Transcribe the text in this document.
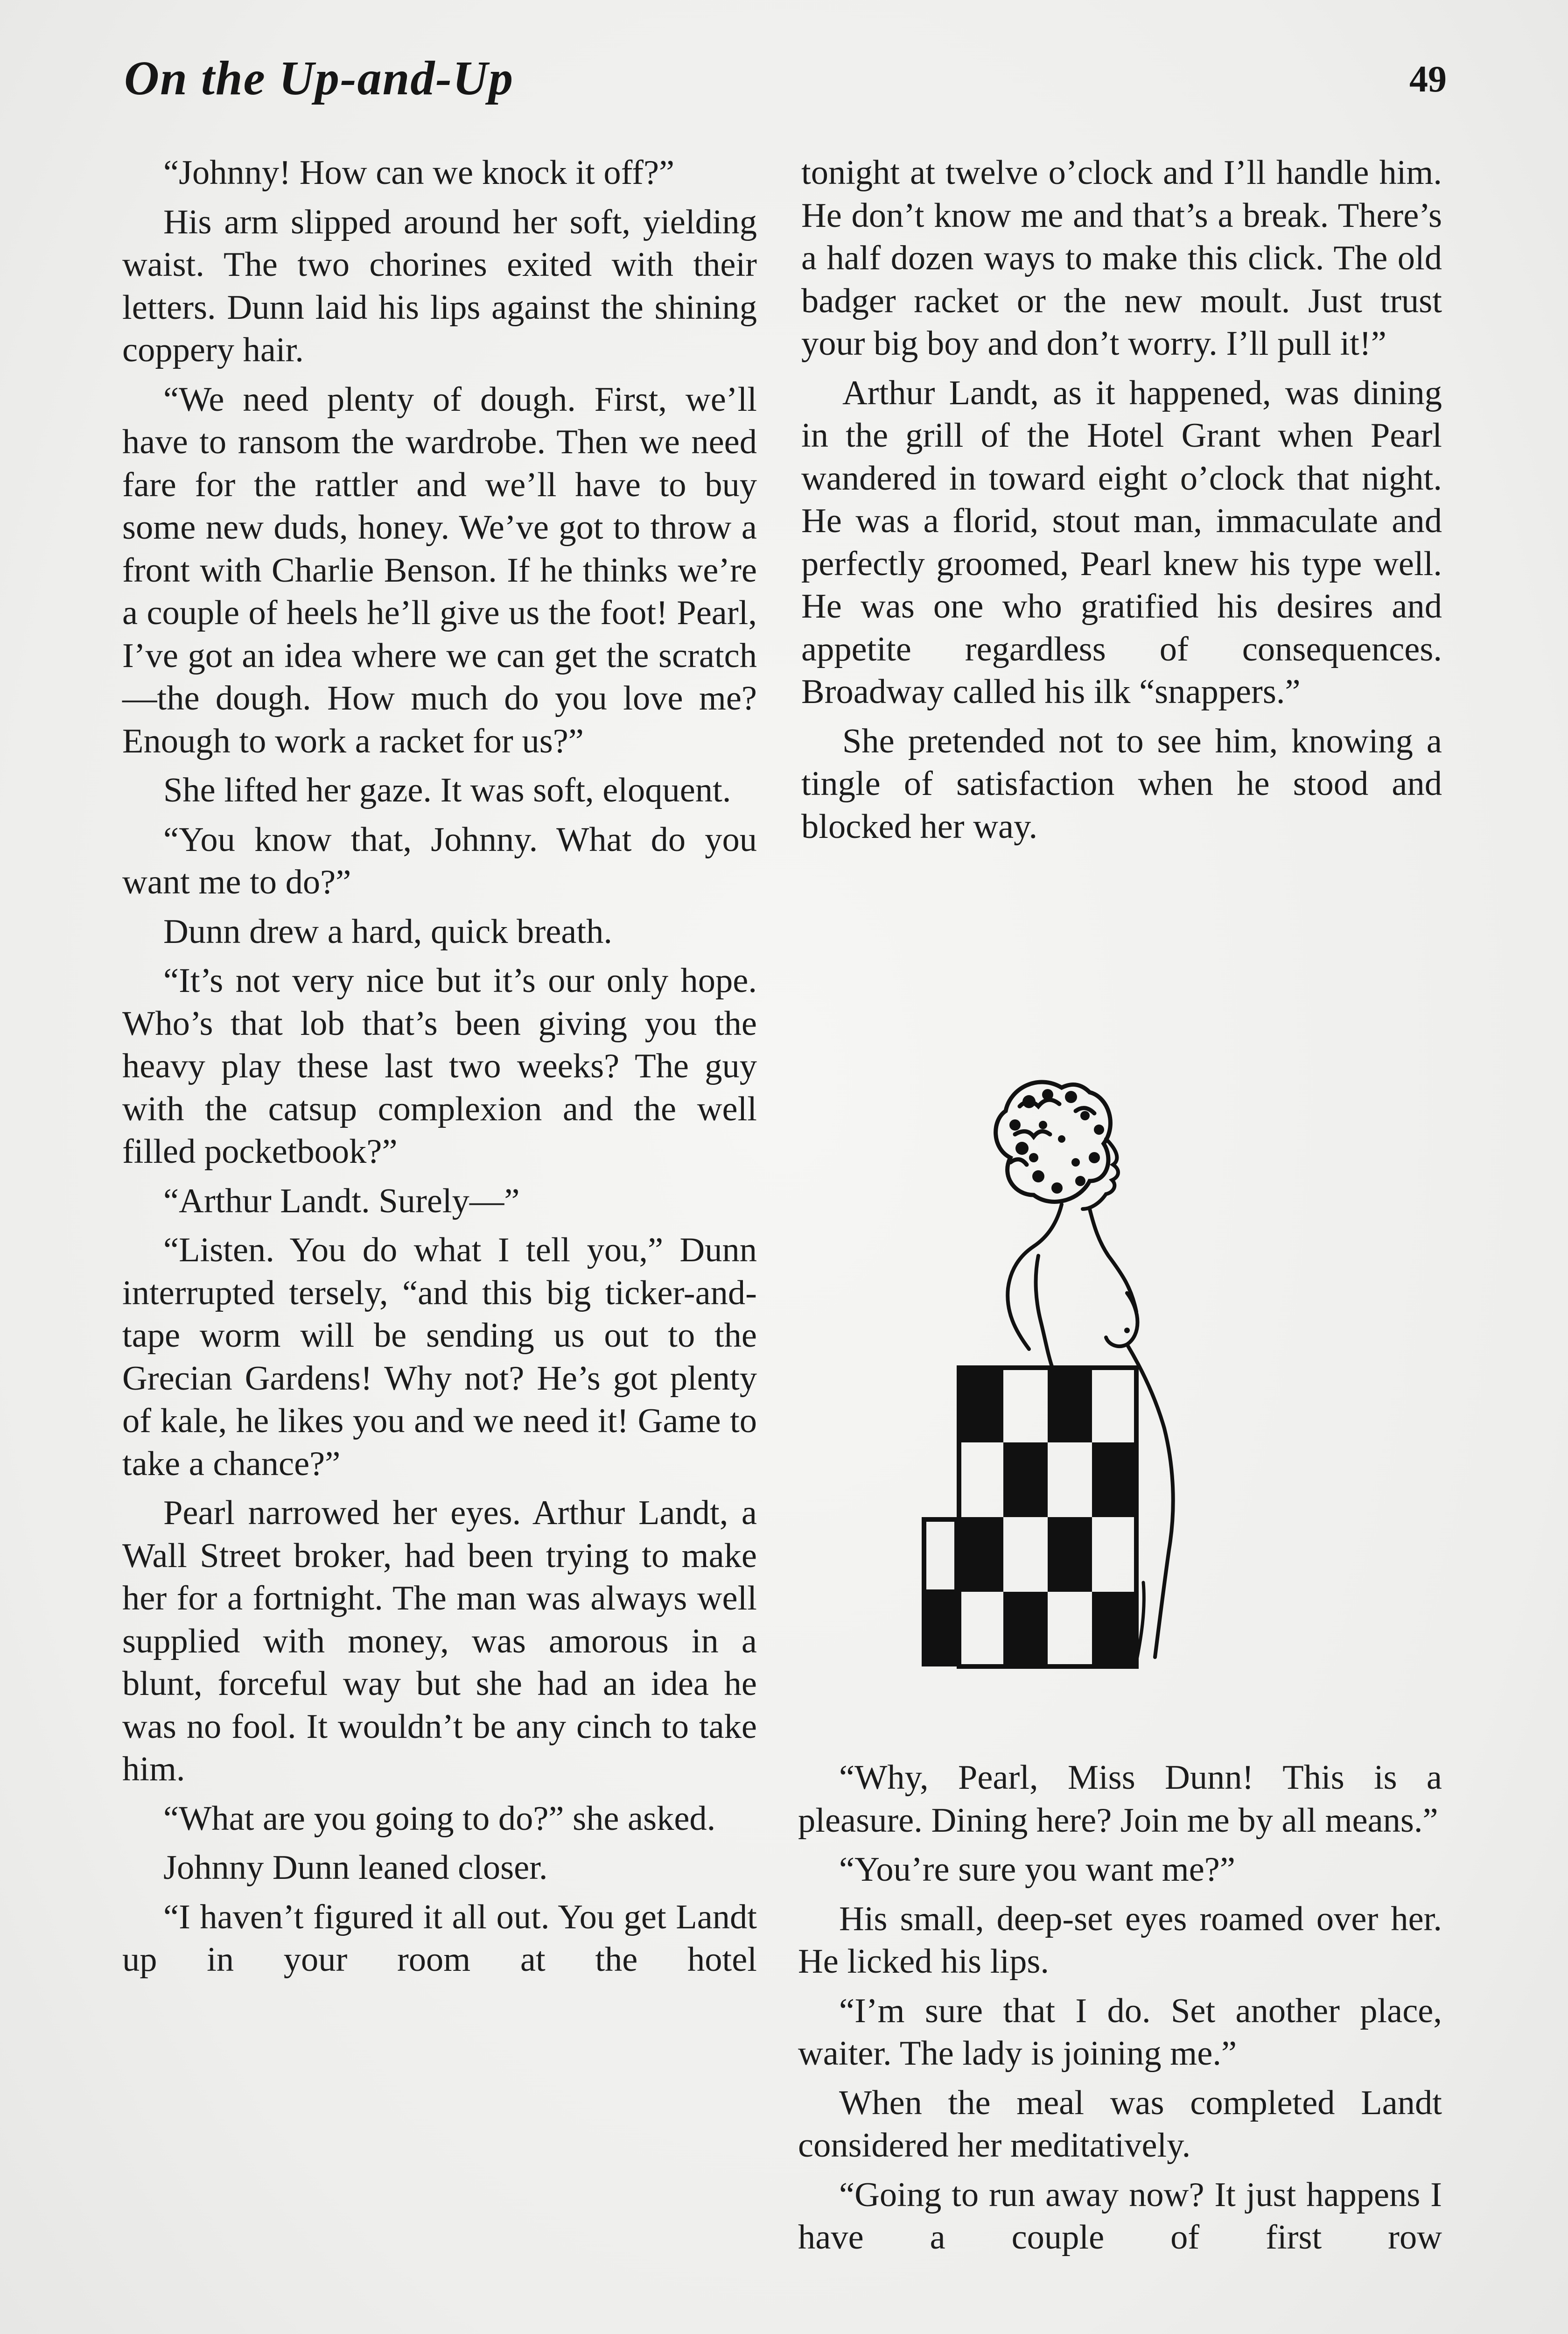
On the Up-and-Up	49

“Johnny! How can we knock it off?”

His arm slipped around her soft, yielding waist. The two chorines exited with their letters. Dunn laid his lips against the shining coppery hair.

“We need plenty of dough. First, we’ll have to ransom the wardrobe. Then we need fare for the rattler and we’ll have to buy some new duds, honey. We’ve got to throw a front with Charlie Benson. If he thinks we’re a couple of heels he’ll give us the foot! Pearl, I’ve got an idea where we can get the scratch—the dough. How much do you love me? Enough to work a racket for us?”

She lifted her gaze. It was soft, eloquent.

“You know that, Johnny. What do you want me to do?”

Dunn drew a hard, quick breath.

“It’s not very nice but it’s our only hope. Who’s that lob that’s been giving you the heavy play these last two weeks? The guy with the catsup complexion and the well filled pocketbook?”

“Arthur Landt. Surely—”

“Listen. You do what I tell you,” Dunn interrupted tersely, “and this big ticker-and-tape worm will be sending us out to the Grecian Gardens! Why not? He’s got plenty of kale, he likes you and we need it! Game to take a chance?”

Pearl narrowed her eyes. Arthur Landt, a Wall Street broker, had been trying to make her for a fortnight. The man was always well supplied with money, was amorous in a blunt, forceful way but she had an idea he was no fool. It wouldn’t be any cinch to take him.

“What are you going to do?” she asked.

Johnny Dunn leaned closer.

“I haven’t figured it all out. You get Landt up in your room at the hotel

tonight at twelve o’clock and I’ll handle him. He don’t know me and that’s a break. There’s a half dozen ways to make this click. The old badger racket or the new moult. Just trust your big boy and don’t worry. I’ll pull it!”

Arthur Landt, as it happened, was dining in the grill of the Hotel Grant when Pearl wandered in toward eight o’clock that night. He was a florid, stout man, immaculate and perfectly groomed, Pearl knew his type well. He was one who gratified his desires and appetite regardless of consequences. Broadway called his ilk “snappers.”

She pretended not to see him, knowing a tingle of satisfaction when he stood and blocked her way.

“Why, Pearl, Miss Dunn! This is a pleasure. Dining here? Join me by all means.”

“You’re sure you want me?”

His small, deep-set eyes roamed over her. He licked his lips.

“I’m sure that I do. Set another place, waiter. The lady is joining me.”

When the meal was completed Landt considered her meditatively.

“Going to run away now? It just happens I have a couple of first row
